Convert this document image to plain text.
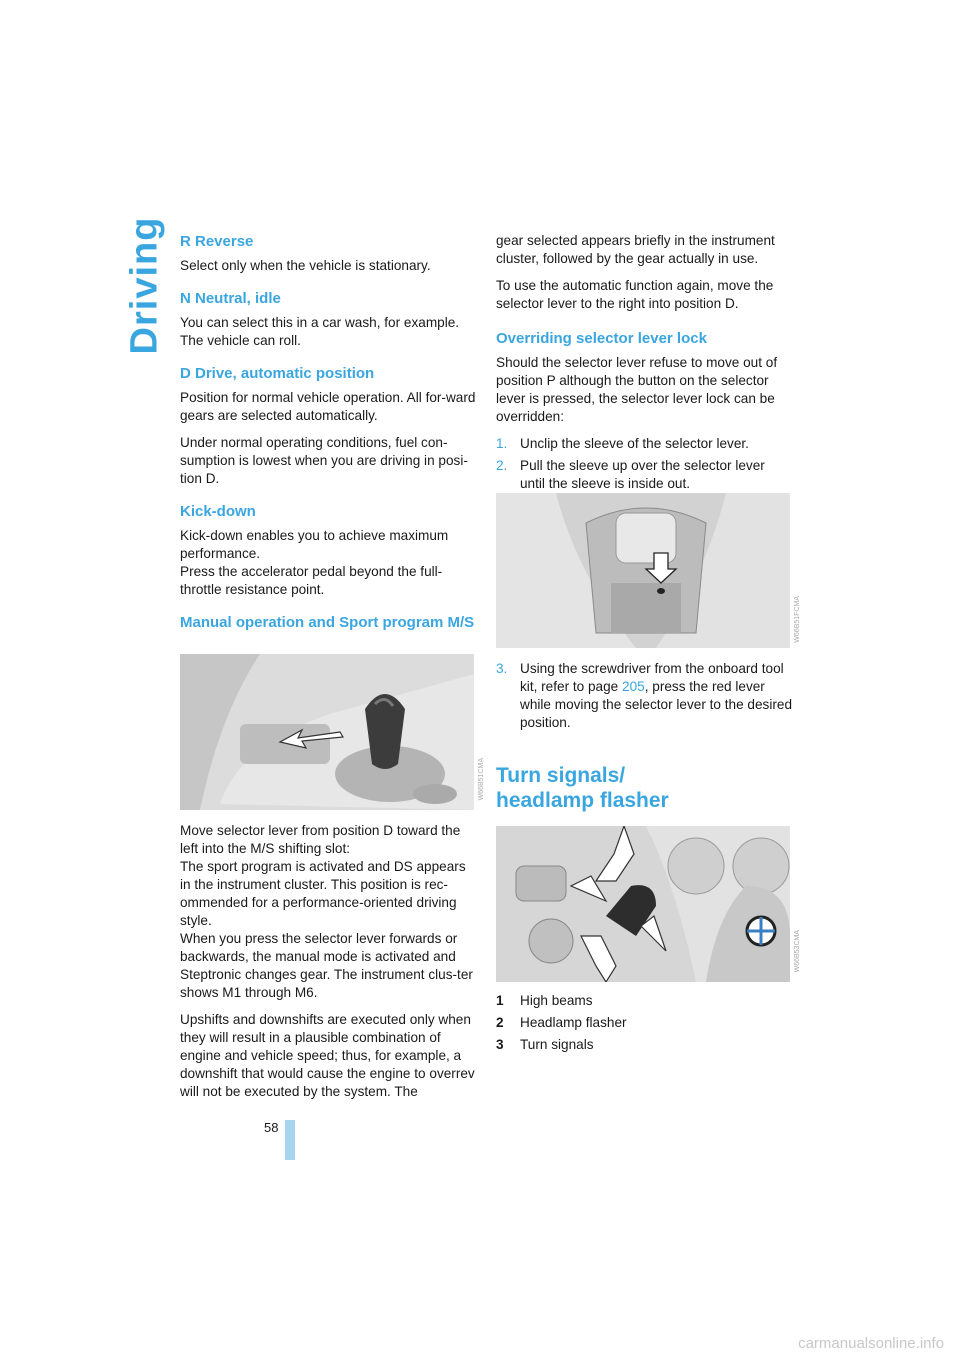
Driving R Reverse

Select only when the vehicle is stationary.

N Neutral, idle

You can select this in a car wash, for example. The vehicle can roll.

D Drive, automatic position

Position for normal vehicle operation. All for-ward gears are selected automatically.

Under normal operating conditions, fuel con-sumption is lowest when you are driving in posi-tion D.

Kick-down

Kick-down enables you to achieve maximum performance.

Press the accelerator pedal beyond the full-throttle resistance point.

Manual operation and Sport program M/S
W66B51CMA

Move selector lever from position D toward the left into the M/S shifting slot:

The sport program is activated and DS appears in the instrument cluster. This position is rec-ommended for a performance-oriented driving style.

When you press the selector lever forwards or backwards, the manual mode is activated and Steptronic changes gear. The instrument clus-ter shows M1 through M6.

Upshifts and downshifts are executed only when they will result in a plausible combination of engine and vehicle speed; thus, for example, a downshift that would cause the engine to overrev will not be executed by the system. The

gear selected appears briefly in the instrument cluster, followed by the gear actually in use.

To use the automatic function again, move the selector lever to the right into position D.

Overriding selector lever lock

Should the selector lever refuse to move out of position P although the button on the selector lever is pressed, the selector lever lock can be overridden:

1. Unclip the sleeve of the selector lever.
2. Pull the sleeve up over the selector lever until the sleeve is inside out.
W66B51FCMA
3. Using the screwdriver from the onboard tool kit, refer to page 205, press the red lever while moving the selector lever to the desired position.
Turn signals/
headlamp flasher
W66B53CMA
1	High beams
2	Headlamp flasher
3	Turn signals
58
carmanualsonline.info
